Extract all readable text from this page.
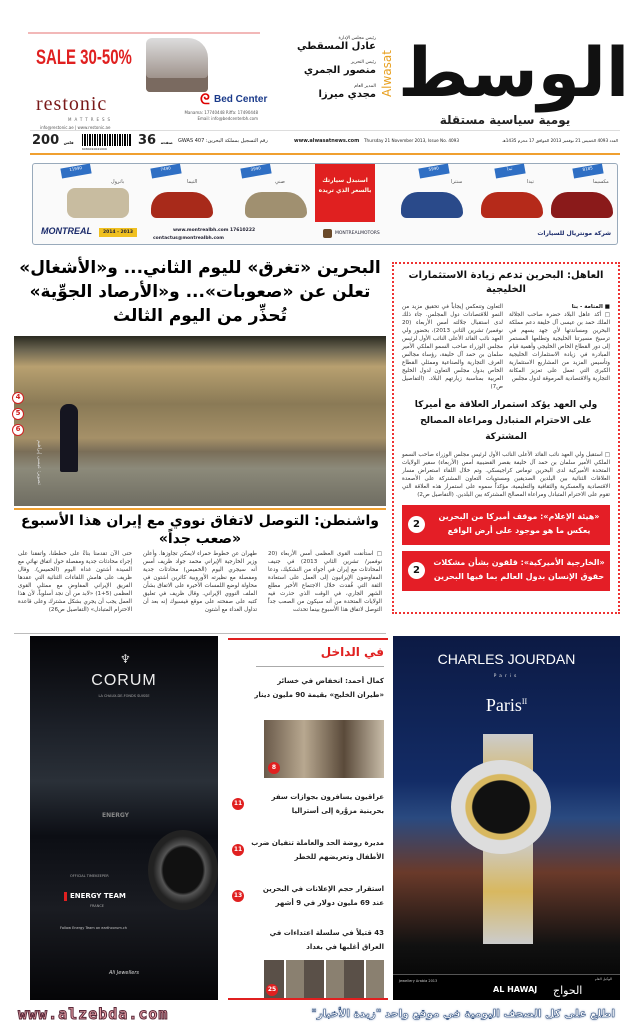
SALE 30-50%
restonic
MATTRESS
info@restonic.ae | www.restonic.ae
ᘓ Bed Center
Manama: 17740448 Riffa: 17490448
Email: info@bedcenterbh.com
Alwasat الوسط
يومية سياسية مستقلة
رئيس مجلس الإدارة
عادل المسقطي
رئيس التحرير
منصور الجمري
المدير العام
مجدي ميرزا
200 فلس
6084010041009
36 صفحة رقم التسجيل بمملكة البحرين: GWAS 407	www.alwasatnews.com Thursday 21 November 2013, Issue No. 4093	العدد 4093 الخميس 21 نوفمبر 2013 الموافق 17 محرم 1435هـ
8185
مكسيما
تبدأ
تيدا
5990
سنترا
استبدل سيارتك بالسعر الذي تريده
3990
صني
7490
التيما
11990
باترول
MONTREAL	2014 - 2013	www.montrealbh.com 17610222
contactus@montrealbh.com
MONTREALMOTORS	شركة مونتريال للسيارات
البحرين «تغرق» لليوم الثاني... و«الأشغال» تعلن عن «صعوبات»... و«الأرصاد الجوِّية» تُحذِّر من اليوم الثالث
4
5
6
تصوير: عيسى إبراهيم
واشنطن: التوصل لاتفاق نووي مع إيران هذا الأسبوع «صعب جداً»
□ استأنفت القوى العظمى أمس الأربعاء (20 نوفمبر/ تشرين الثاني 2013) في جنيف المحادثات مع إيران في أجواء من التشكيك، ودعا المفاوضون الإيرانيون إلى العمل على استعادة الثقة التي فُقدت خلال الاجتماع الأخير مطلع الشهر الجاري، في الوقت الذي حذرت فيه الولايات المتحدة من أنه سيكون من الصعب جداً التوصل لاتفاق هذا الأسبوع بينما تحدثت
طهران عن خطوط حمراء لايمكن تجاوزها. وأعلن وزير الخارجية الإيراني محمد جواد ظريف أمس أنه سيجري اليوم (الخميس) محادثات جدية ومفصلة مع نظيرته الأوروبية كاثرين أشتون في محاولة لوضع اللمسات الأخيرة على الاتفاق بشأن الملف النووي الإيراني. وقال ظريف في تعليق كتبه على صفحته على موقع فيسبوك إنه بعد أن تداول الغداء مع أشتون
حتى الآن تقدمنا بناءً على خططنا، واتفقنا على إجراء محادثات جدية ومفصلة حول اتفاق نهائي مع السيدة أشتون غداة اليوم (الخميس). وقال ظريف على هامش اللقاءات الثنائية التي عقدها الفريق الإيراني المفاوض مع ممثلي القوى العظمى (5+1) «لابد من أن نجد أسلوباً، لأن هذا العمل يجب أن يجري بشكل مشترك وعلى قاعدة الاحترام المتبادل» (التفاصيل ص26)
العاهل: البحرين تدعم زيادة الاستثمارات الخليجية
■ المنامة - بنا
□ أكد عاهل البلاد حضرة صاحب الجلالة الملك حمد بن عيسى آل خليفة دعم مملكة البحرين ومساندتها لأي جهد يسهم في ترسيخ مسيرتنا الخليجية وتطلعها المستمر إلى دور القطاع الخاص الخليجي وأهمية قيام المبادرة في زيادة الاستثمارات الخليجية وتأسيس المزيد من المشاريع الاستثمارية الكبرى التي تعمل على تعزيز المكانة التجارية والاقتصادية المرموقة لدول مجلس
التعاون وتنعكس إيجاباً في تحقيق مزيد من النمو للاقتصادات دول المجلس. جاء ذلك لدى استقبال جلالته أمس الأربعاء (20 نوفمبر/ تشرين الثاني 2013)، بحضور ولي العهد نائب القائد الأعلى النائب الأول لرئيس مجلس الوزراء صاحب السمو الملكي الأمير سلمان بن حمد آل خليفة، رؤساء مجالس الغرف التجارية والصناعية وممثلي القطاع الخاص بدول مجلس التعاون لدول الخليج العربية بمناسبة زيارتهم البلاد. (التفاصيل ص7)
ولي العهد يؤكد استمرار العلاقة مع أميركا على الاحترام المتبادل ومراعاة المصالح المشتركة
□ استقبل ولي العهد نائب القائد الأعلى النائب الأول لرئيس مجلس الوزراء صاحب السمو الملكي الأمير سلمان بن حمد آل خليفة بقصر القضيبية أمس (الأربعاء) سفير الولايات المتحدة الأميركية لدى البحرين توماس كراجيسكي. وتم خلال اللقاء استعراض مسار العلاقات الثنائية بين البلدين الصديقين ومستويات التعاون المشتركة على الأصعدة الاقتصادية والعسكرية والثقافية والتعليمية، مؤكداً سموه على استمرار هذه العلاقة التي تقوم على الاحترام المتبادل ومراعاة المصالح المشتركة بين البلدين. (التفاصيل ص2)
«هيئة الإعلام»: موقف أميركا من البحرين يعكس ما هو موجود على أرض الواقع
2
«الخارجية الأميركية»: قلقون بشأن مشكلات حقوق الإنسان بدول العالم بما فيها البحرين
2
♆
CORUM
LA CHAUX-DE-FONDS SUISSE
ENERGY
OFFICIAL TIMEKEEPER
ENERGY TEAM
FRANCE
Follow Energy Team on earthcorum.ch
Ali Jewellers
في الداخل
كمال أحمد: انخفاض في خسائر «طيران الخليج» بقيمة 90 مليون دينار
8
عراقيون يسافرون بجوازات سفر بحرينية مزوَّرة إلى أستراليا
11
مديرة روضة الحد والعاملة تنفيان ضرب الأطفال وتعريضهم للخطر
11
استقرار حجم الإعلانات في البحرين عند 69 مليون دولار في 9 أشهر
13
43 قتيلاً في سلسلة اعتداءات في العراق أغلبها في بغداد
25
CHARLES JOURDAN
Paris
Paris$^{II}$
Jewellery Arabia 2013	الوكيل العام
AL HAWAJ الحواج
www.alzebda.com	اطلع على كل الصحف اليومية في موقع واحد "زبدة الأخبار"
